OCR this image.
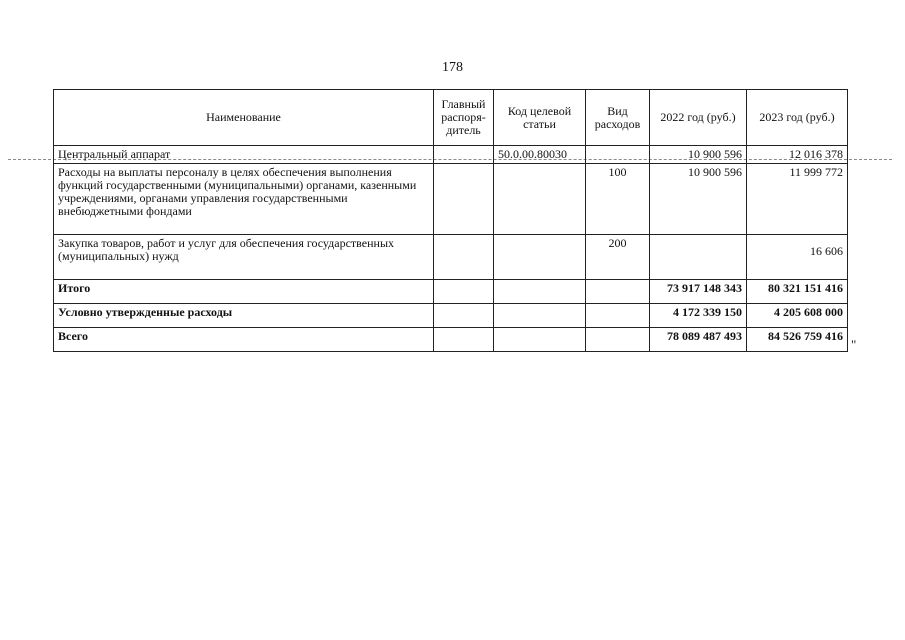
178
Наименование	Главный распоря-дитель	Код целевой статьи	Вид расходов	2022 год (руб.)	2023 год (руб.)
Центральный аппарат		50.0.00.80030		10 900 596	12 016 378
Расходы на выплаты персоналу в целях обеспечения выполнения функций государственными (муниципальными) органами, казенными учреждениями, органами управления государственными внебюджетными фондами			100	10 900 596	11 999 772
Закупка товаров, работ и услуг для обеспечения государственных (муниципальных) нужд			200		16 606
Итого				73 917 148 343	80 321 151 416
Условно утвержденные расходы				4 172 339 150	4 205 608 000
Всего				78 089 487 493	84 526 759 416
"
